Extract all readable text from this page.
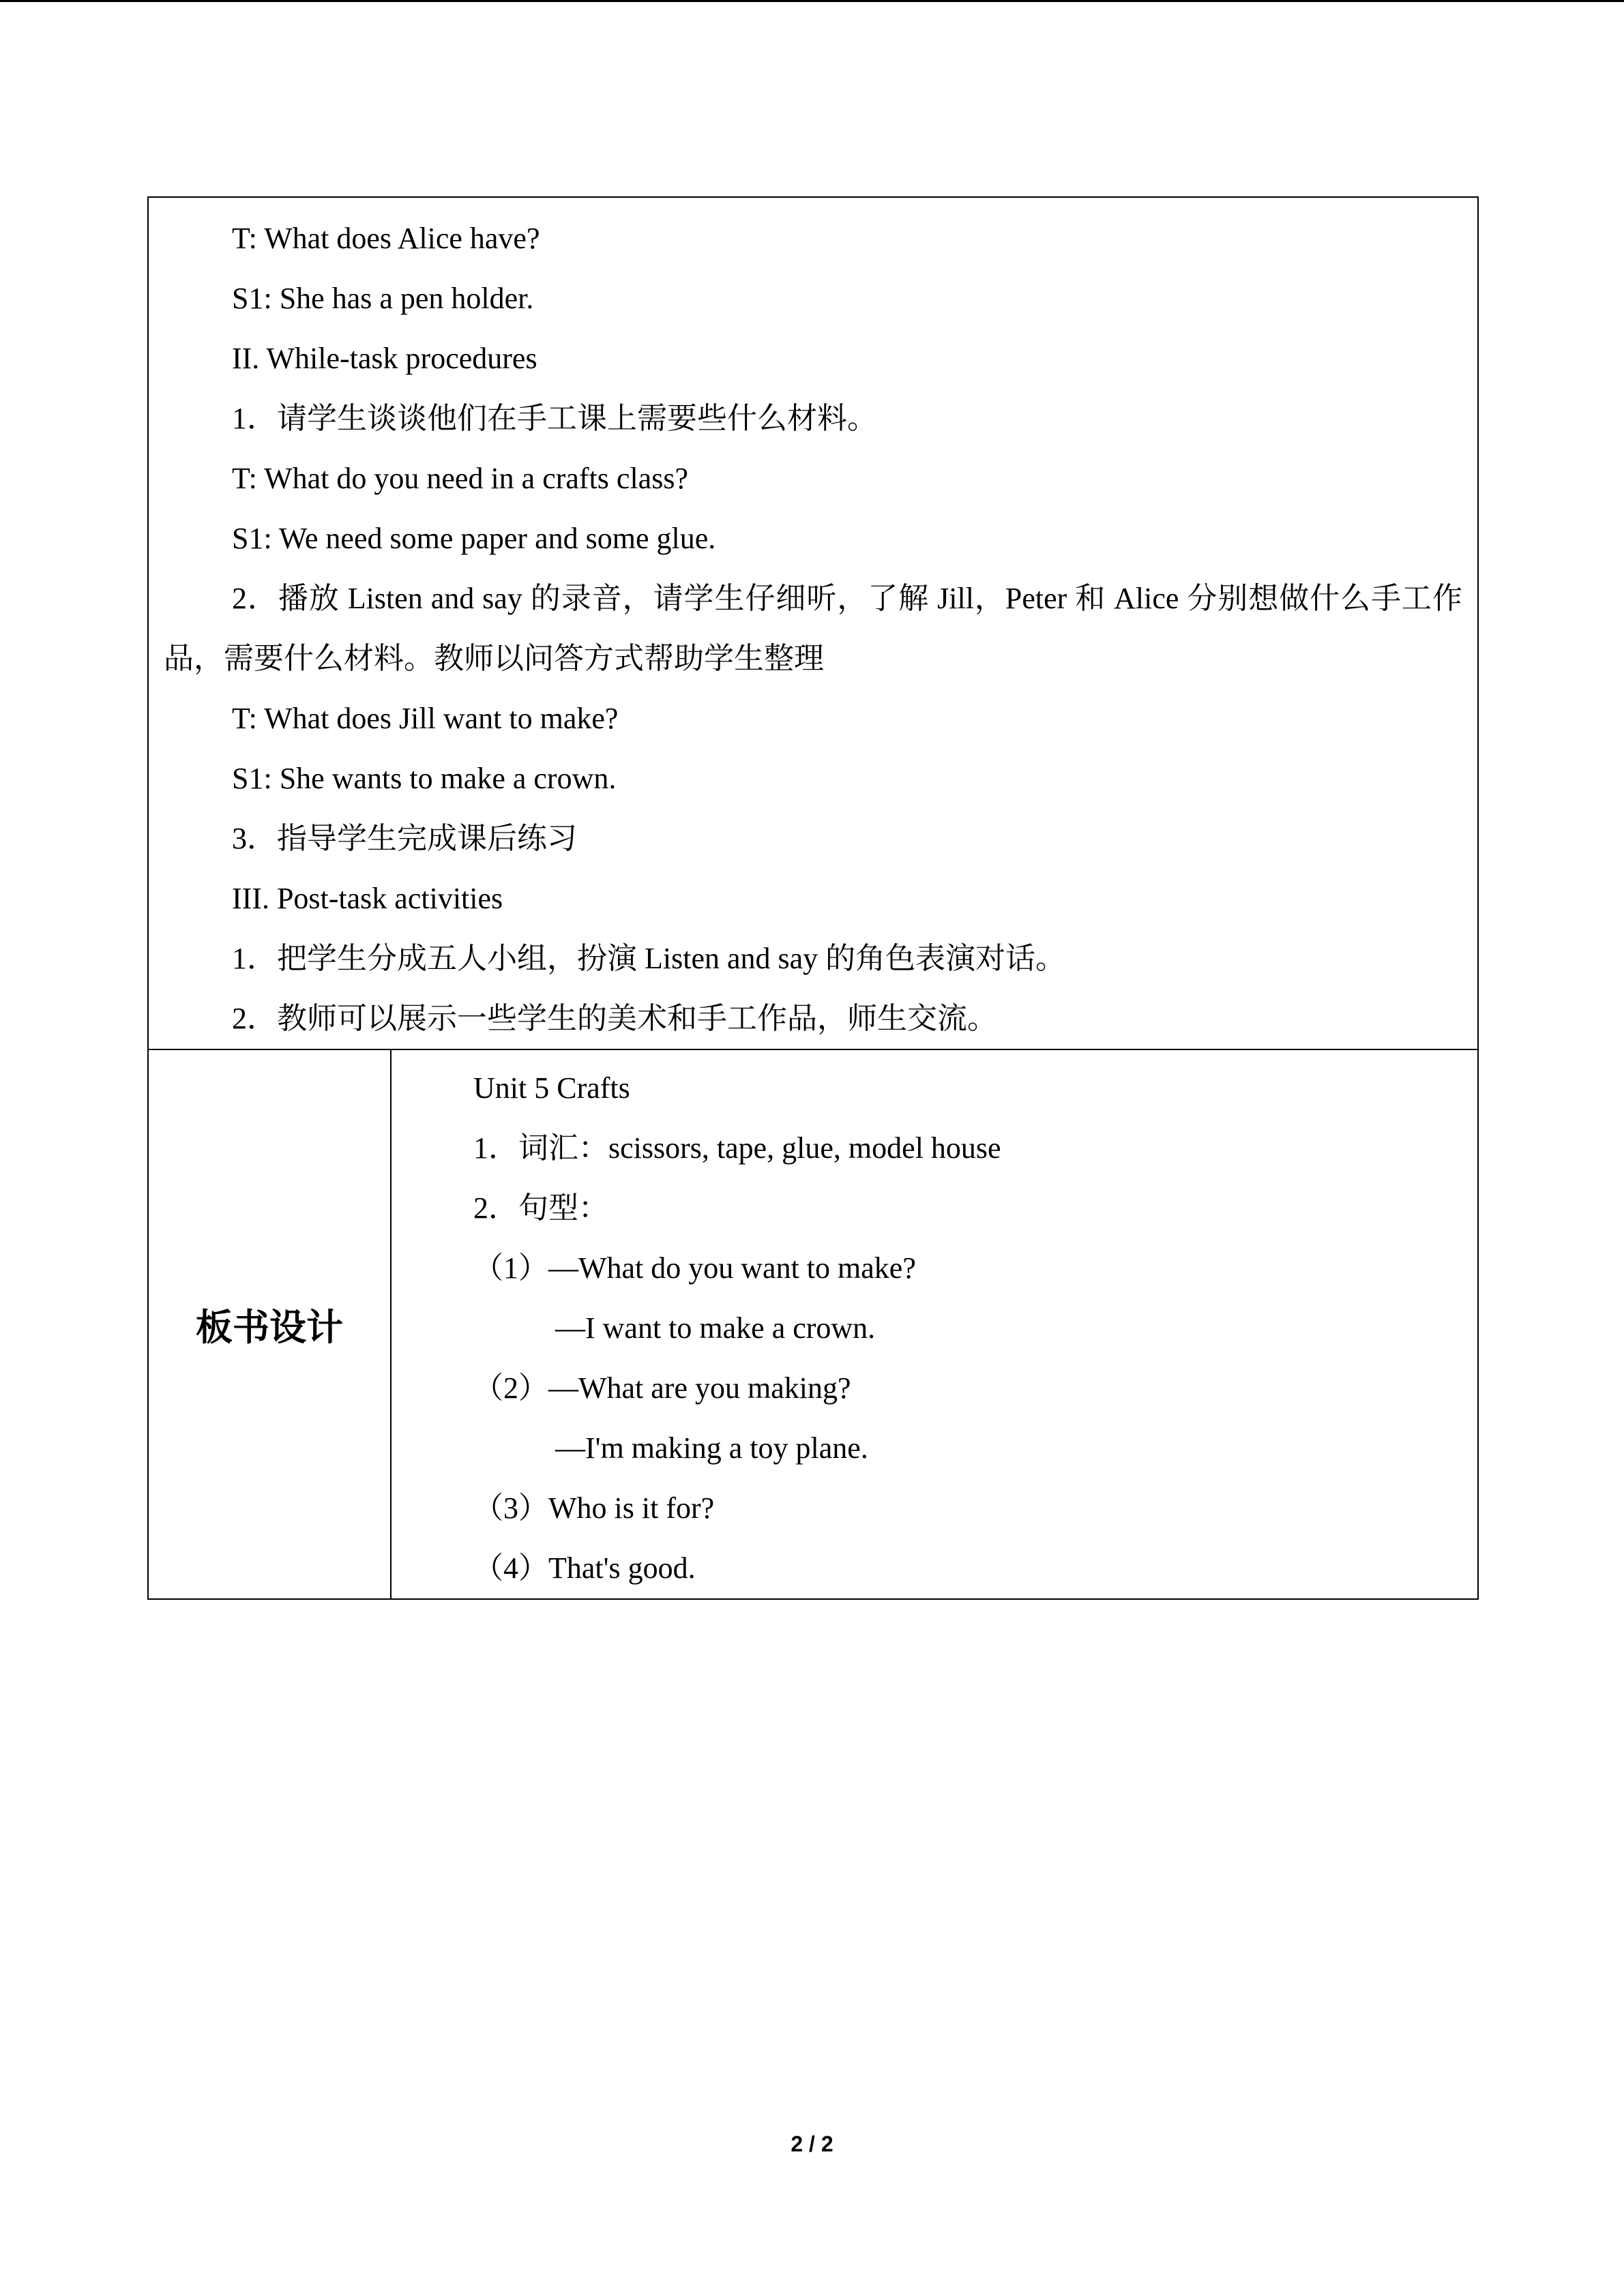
T: What does Alice have?

S1: She has a pen holder.

II. While-task procedures

1．请学生谈谈他们在手工课上需要些什么材料。

T: What do you need in a crafts class?

S1: We need some paper and some glue.

2．播放 Listen and say 的录音，请学生仔细听，了解 Jill，Peter 和 Alice 分别想做什么手工作品，需要什么材料。教师以问答方式帮助学生整理

T: What does Jill want to make?

S1: She wants to make a crown.

3．指导学生完成课后练习

III. Post-task activities

1．把学生分成五人小组，扮演 Listen and say 的角色表演对话。

2．教师可以展示一些学生的美术和手工作品，师生交流。

板书设计	

Unit 5 Crafts

1．词汇：scissors, tape, glue, model house

2．句型：

（1）—What do you want to make?

—I want to make a crown.

（2）—What are you making?

—I'm making a toy plane.

（3）Who is it for?

（4）That's good.

2 / 2
